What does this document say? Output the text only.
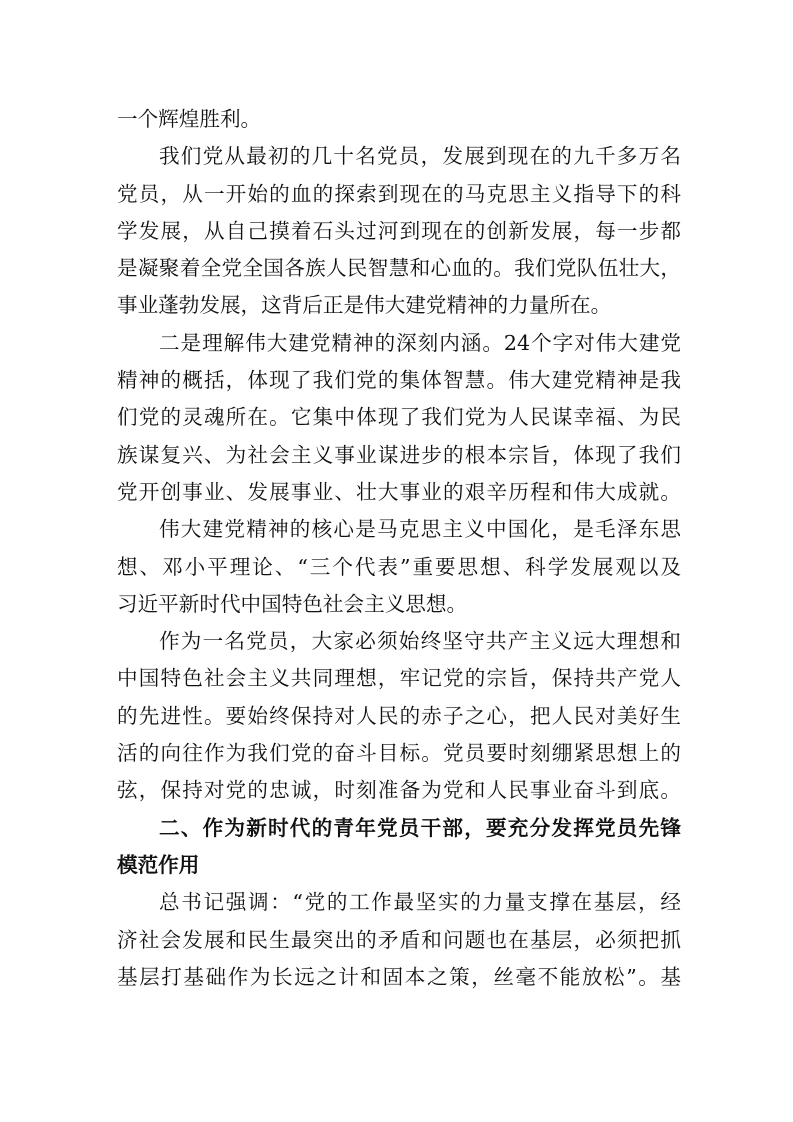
一个辉煌胜利。
我们党从最初的几十名党员，发展到现在的九千多万名
党员，从一开始的血的探索到现在的马克思主义指导下的科
学发展，从自己摸着石头过河到现在的创新发展，每一步都
是凝聚着全党全国各族人民智慧和心血的。我们党队伍壮大，
事业蓬勃发展，这背后正是伟大建党精神的力量所在。
二是理解伟大建党精神的深刻内涵。24个字对伟大建党
精神的概括，体现了我们党的集体智慧。伟大建党精神是我
们党的灵魂所在。它集中体现了我们党为人民谋幸福、为民
族谋复兴、为社会主义事业谋进步的根本宗旨，体现了我们
党开创事业、发展事业、壮大事业的艰辛历程和伟大成就。
伟大建党精神的核心是马克思主义中国化，是毛泽东思
想、邓小平理论、“三个代表”重要思想、科学发展观以及
习近平新时代中国特色社会主义思想。
作为一名党员，大家必须始终坚守共产主义远大理想和
中国特色社会主义共同理想，牢记党的宗旨，保持共产党人
的先进性。要始终保持对人民的赤子之心，把人民对美好生
活的向往作为我们党的奋斗目标。党员要时刻绷紧思想上的
弦，保持对党的忠诚，时刻准备为党和人民事业奋斗到底。
二、作为新时代的青年党员干部，要充分发挥党员先锋
模范作用
总书记强调：“党的工作最坚实的力量支撑在基层，经
济社会发展和民生最突出的矛盾和问题也在基层，必须把抓
基层打基础作为长远之计和固本之策，丝毫不能放松”。基
